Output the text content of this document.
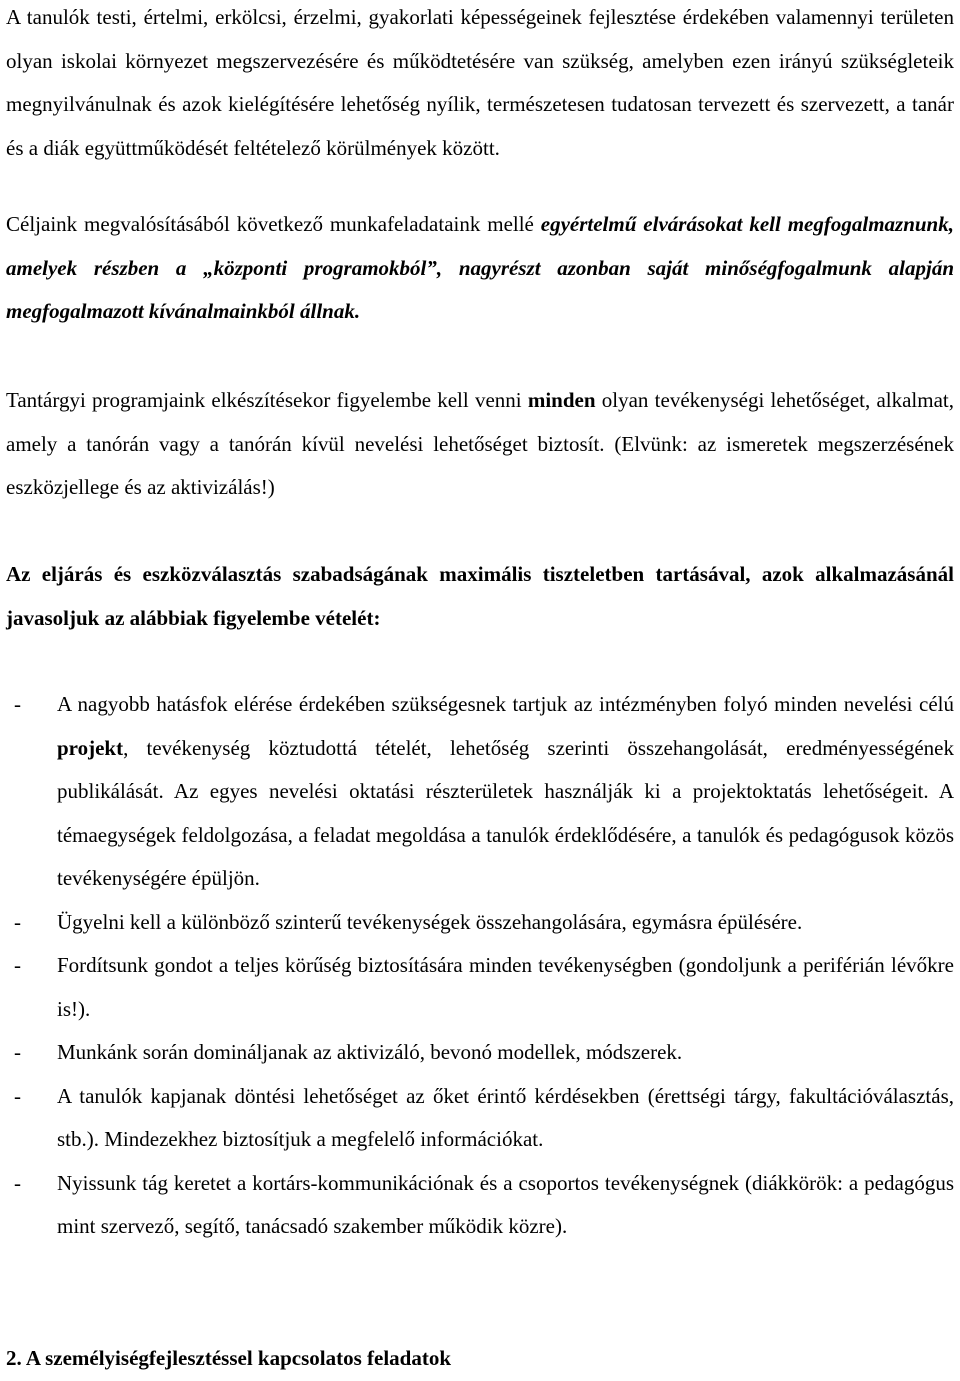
A tanulók testi, értelmi, erkölcsi, érzelmi, gyakorlati képességeinek fejlesztése érdekében valamennyi területen olyan iskolai környezet megszervezésére és működtetésére van szükség, amelyben ezen irányú szükségleteik megnyilvánulnak és azok kielégítésére lehetőség nyílik, természetesen tudatosan tervezett és szervezett, a tanár és a diák együttműködését feltételező körülmények között.

Céljaink megvalósításából következő munkafeladataink mellé egyértelmű elvárásokat kell megfogalmaznunk, amelyek részben a „központi programokból”, nagyrészt azonban saját minőségfogalmunk alapján megfogalmazott kívánalmainkból állnak.

Tantárgyi programjaink elkészítésekor figyelembe kell venni minden olyan tevékenységi lehetőséget, alkalmat, amely a tanórán vagy a tanórán kívül nevelési lehetőséget biztosít. (Elvünk: az ismeretek megszerzésének eszközjellege és az aktivizálás!)

Az eljárás és eszközválasztás szabadságának maximális tiszteletben tartásával, azok alkalmazásánál javasoljuk az alábbiak figyelembe vételét:

- A nagyobb hatásfok elérése érdekében szükségesnek tartjuk az intézményben folyó minden nevelési célú projekt, tevékenység köztudottá tételét, lehetőség szerinti összehangolását, eredményességének publikálását. Az egyes nevelési oktatási részterületek használják ki a projektoktatás lehetőségeit. A témaegységek feldolgozása, a feladat megoldása a tanulók érdeklődésére, a tanulók és pedagógusok közös tevékenységére épüljön.
- Ügyelni kell a különböző szinterű tevékenységek összehangolására, egymásra épülésére.
- Fordítsunk gondot a teljes körűség biztosítására minden tevékenységben (gondoljunk a periférián lévőkre is!).
- Munkánk során domináljanak az aktivizáló, bevonó modellek, módszerek.
- A tanulók kapjanak döntési lehetőséget az őket érintő kérdésekben (érettségi tárgy, fakultációválasztás, stb.). Mindezekhez biztosítjuk a megfelelő információkat.
- Nyissunk tág keretet a kortárs-kommunikációnak és a csoportos tevékenységnek (diákkörök: a pedagógus mint szervező, segítő, tanácsadó szakember működik közre).
2. A személyiségfejlesztéssel kapcsolatos feladatok
